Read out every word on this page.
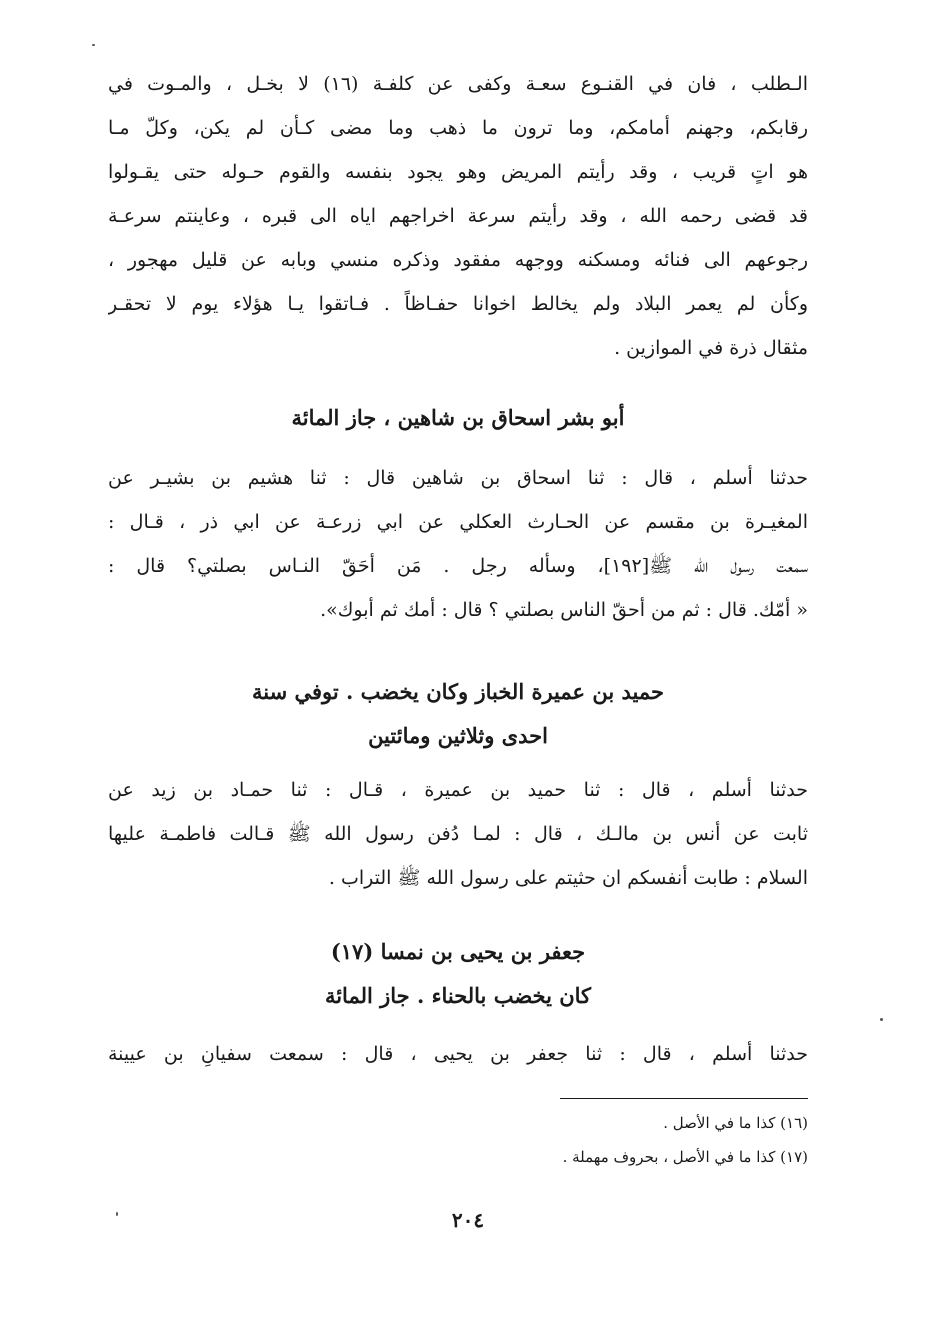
الـطلب ، فان في القنـوع سعـة وكفى عن كلفـة (١٦) لا بخـل ، والمـوت في
رقابكم، وجهنم أمامكم، وما ترون ما ذهب وما مضى كـأن لم يكن، وكلّ مـا
هو اتٍ قريب ، وقد رأيتم المريض وهو يجود بنفسه والقوم حـوله حتى يقـولوا
قد قضى رحمه الله ، وقد رأيتم سرعة اخراجهم اياه الى قبره ، وعاينتم سرعـة
رجوعهم الى فنائه ومسكنه ووجهه مفقود وذكره منسي وبابه عن قليل مهجور ،
وكأن لم يعمر البلاد ولم يخالط اخوانا حفـاظاً . فـاتقوا يـا هؤلاء يوم لا تحقـر
مثقال ذرة في الموازين .
أبو بشر اسحاق بن شاهين ، جاز المائة
حدثنا أسلم ، قال : ثنا اسحاق بن شاهين قال : ثنا هشيم بن بشيـر عن
المغيـرة بن مقسم عن الحـارث العكلي عن ابي زرعـة عن ابي ذر ، قـال :
سمعت رسول الله ﷺ[١٩٢]، وسأله رجل . مَن أحَقّ النـاس بصلتي؟ قال :
« أمّك. قال : ثم من أحقّ الناس بصلتي ؟ قال : أمك ثم أبوك».
حميد بن عميرة الخباز وكان يخضب . توفي سنة
احدى وثلاثين ومائتين
حدثنا أسلم ، قال : ثنا حميد بن عميرة ، قـال : ثنا حمـاد بن زيد عن
ثابت عن أنس بن مالـك ، قال : لمـا دُفن رسول الله ﷺ قـالت فاطمـة عليها
السلام : طابت أنفسكم ان حثيتم على رسول الله ﷺ التراب .
جعفر بن يحيى بن نمسا (١٧)
كان يخضب بالحناء . جاز المائة
حدثنا أسلم ، قال : ثنا جعفر بن يحيى ، قال : سمعت سفيانِ بن عيينة
(١٦) كذا ما في الأصل .
(١٧) كذا ما في الأصل ، بحروف مهملة .
٢٠٤
